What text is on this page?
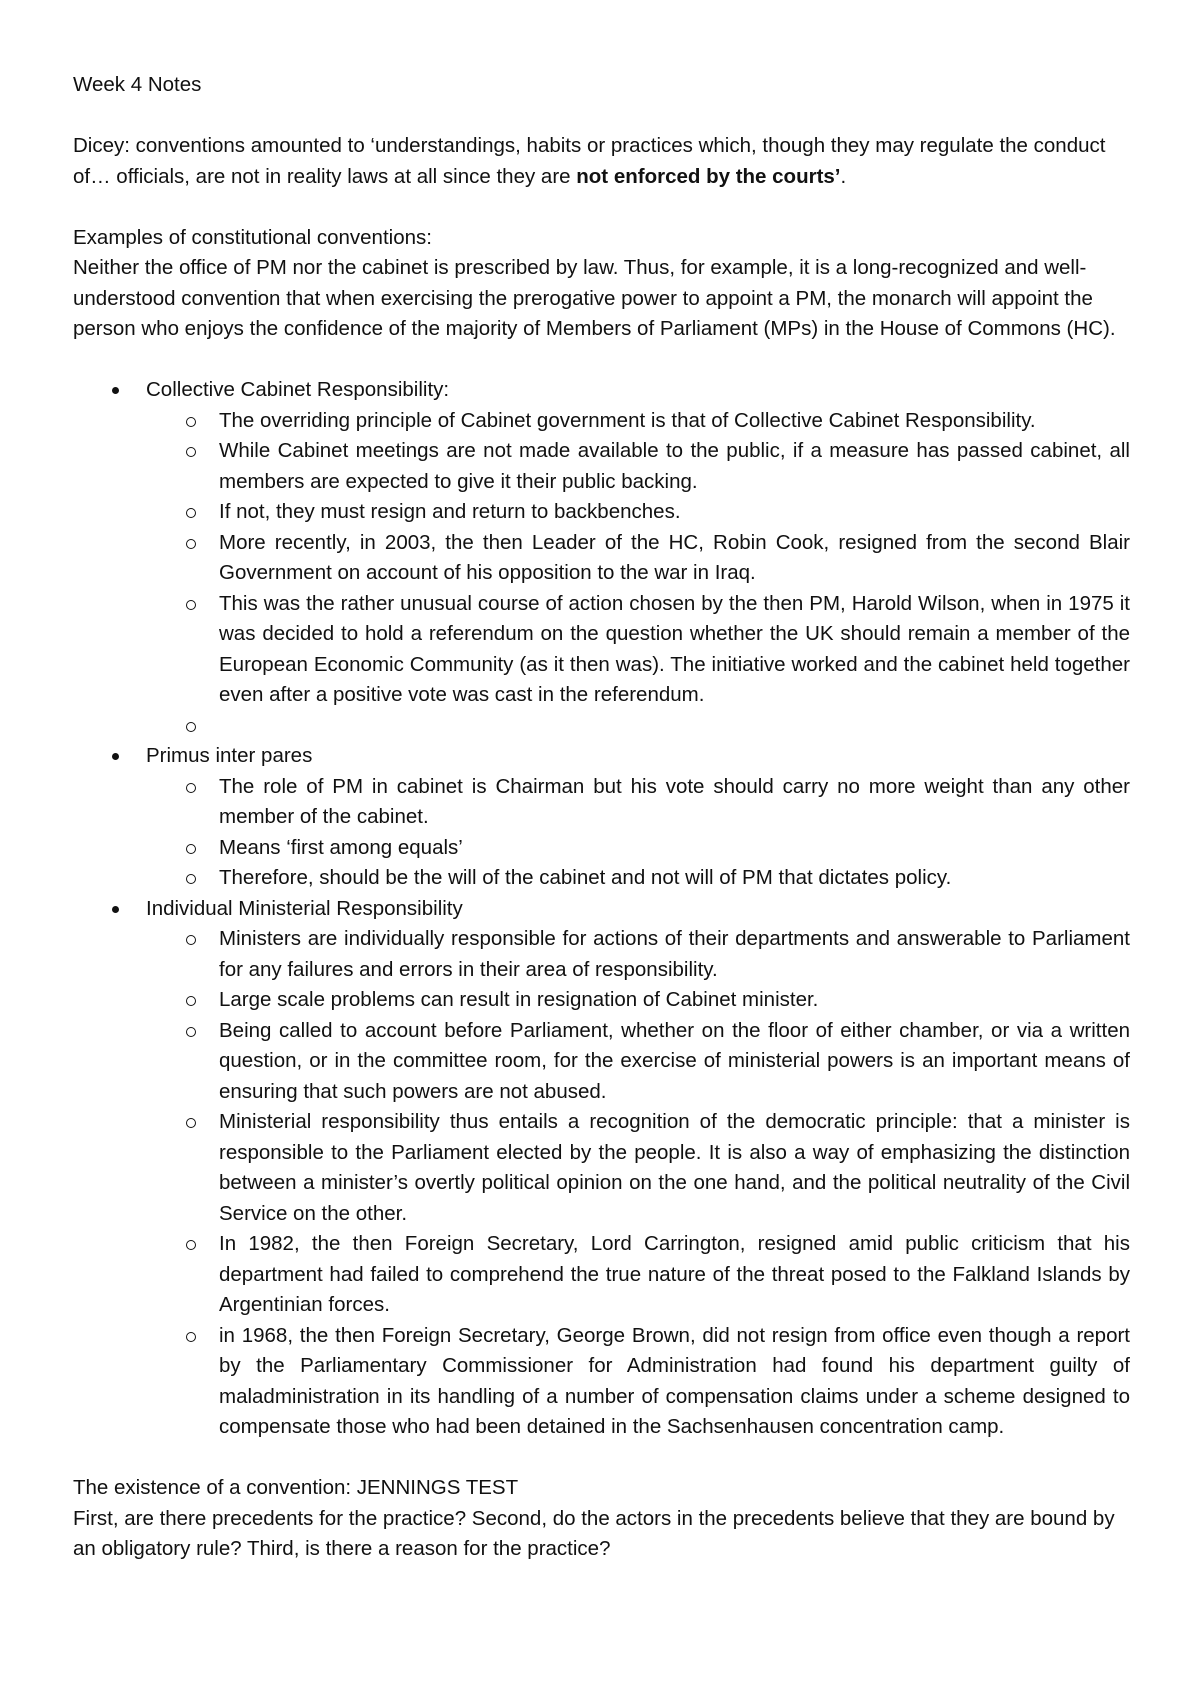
Week 4 Notes

Dicey: conventions amounted to ‘understandings, habits or practices which, though they may regulate the conduct of… officials, are not in reality laws at all since they are not enforced by the courts’.

Examples of constitutional conventions:

Neither the office of PM nor the cabinet is prescribed by law. Thus, for example, it is a long-recognized and well-understood convention that when exercising the prerogative power to appoint a PM, the monarch will appoint the person who enjoys the confidence of the majority of Members of Parliament (MPs) in the House of Commons (HC).

Collective Cabinet Responsibility:
The overriding principle of Cabinet government is that of Collective Cabinet Responsibility.
While Cabinet meetings are not made available to the public, if a measure has passed cabinet, all members are expected to give it their public backing.
If not, they must resign and return to backbenches.
More recently, in 2003, the then Leader of the HC, Robin Cook, resigned from the second Blair Government on account of his opposition to the war in Iraq.
This was the rather unusual course of action chosen by the then PM, Harold Wilson, when in 1975 it was decided to hold a referendum on the question whether the UK should remain a member of the European Economic Community (as it then was). The initiative worked and the cabinet held together even after a positive vote was cast in the referendum.
Primus inter pares
The role of PM in cabinet is Chairman but his vote should carry no more weight than any other member of the cabinet.
Means ‘first among equals’
Therefore, should be the will of the cabinet and not will of PM that dictates policy.
Individual Ministerial Responsibility
Ministers are individually responsible for actions of their departments and answerable to Parliament for any failures and errors in their area of responsibility.
Large scale problems can result in resignation of Cabinet minister.
Being called to account before Parliament, whether on the floor of either chamber, or via a written question, or in the committee room, for the exercise of ministerial powers is an important means of ensuring that such powers are not abused.
Ministerial responsibility thus entails a recognition of the democratic principle: that a minister is responsible to the Parliament elected by the people. It is also a way of emphasizing the distinction between a minister’s overtly political opinion on the one hand, and the political neutrality of the Civil Service on the other.
In 1982, the then Foreign Secretary, Lord Carrington, resigned amid public criticism that his department had failed to comprehend the true nature of the threat posed to the Falkland Islands by Argentinian forces.
in 1968, the then Foreign Secretary, George Brown, did not resign from office even though a report by the Parliamentary Commissioner for Administration had found his department guilty of maladministration in its handling of a number of compensation claims under a scheme designed to compensate those who had been detained in the Sachsenhausen concentration camp.

The existence of a convention: JENNINGS TEST

First, are there precedents for the practice? Second, do the actors in the precedents believe that they are bound by an obligatory rule? Third, is there a reason for the practice?
